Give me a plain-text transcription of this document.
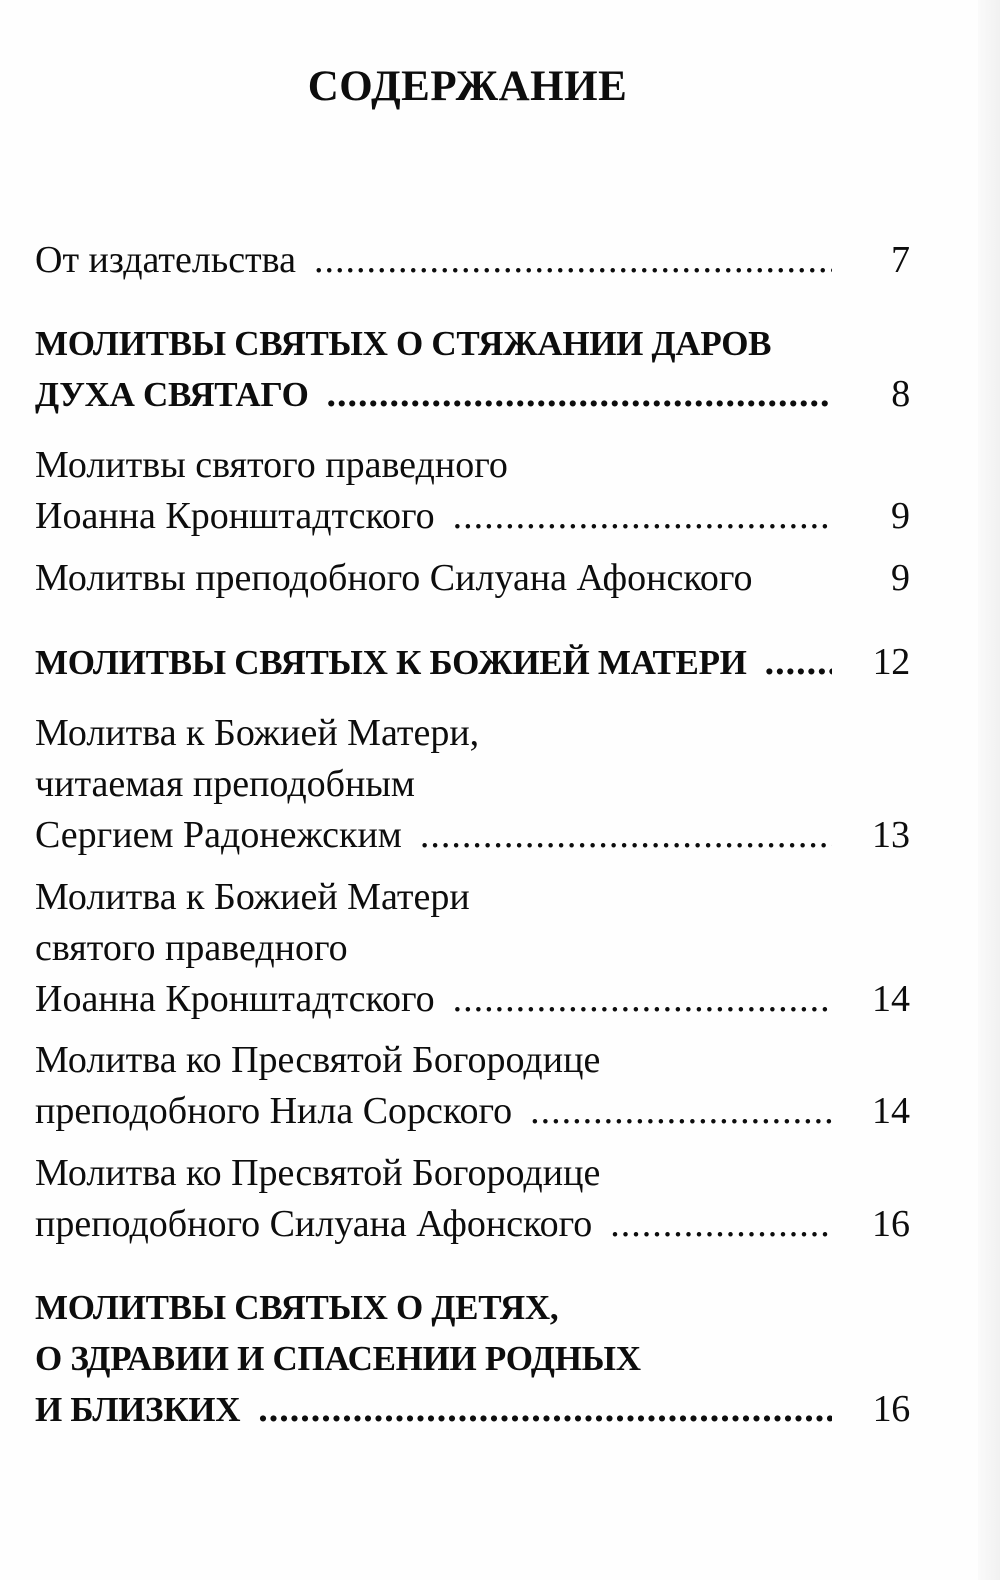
СОДЕРЖАНИЕ
От издательства .....	7
МОЛИТВЫ СВЯТЫХ О СТЯЖАНИИ ДАРОВ
ДУХА СВЯТАГО .....	8
Молитвы святого праведного
Иоанна Кронштадтского .....	9
Молитвы преподобного Силуана Афонского	9
МОЛИТВЫ СВЯТЫХ К БОЖИЕЙ МАТЕРИ .....	12
Молитва к Божией Матери,
читаемая преподобным
Сергием Радонежским .....	13
Молитва к Божией Матери
святого праведного
Иоанна Кронштадтского .....	14
Молитва ко Пресвятой Богородице
преподобного Нила Сорского .....	14
Молитва ко Пресвятой Богородице
преподобного Силуана Афонского .....	16
МОЛИТВЫ СВЯТЫХ О ДЕТЯХ,
О ЗДРАВИИ И СПАСЕНИИ РОДНЫХ
И БЛИЗКИХ .....	16
